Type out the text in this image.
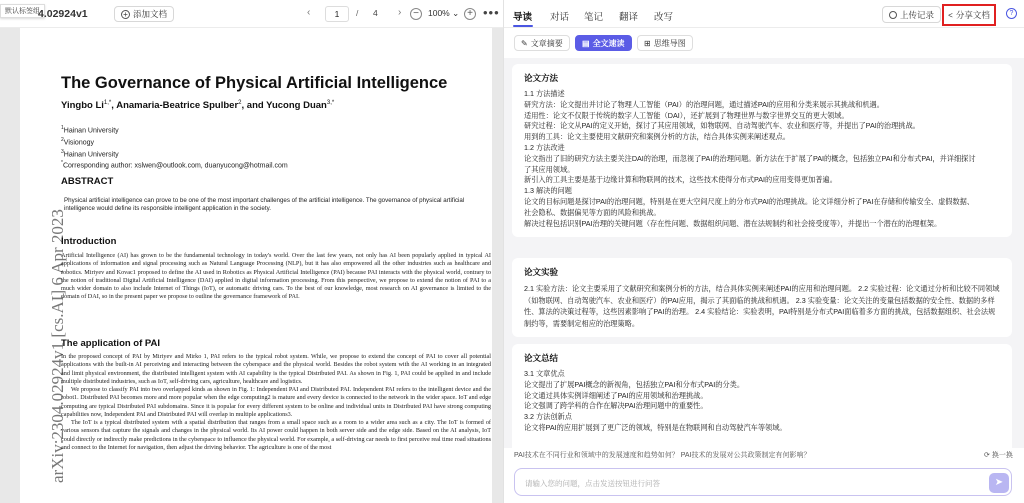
默认标签组
4.02924v1	+ 添加文档	‹	1	/ 4 ›	−	100% ⌄ + •••
arXiv:2304.02924v1 [cs.AI] 6 Apr 2023
The Governance of Physical Artificial Intelligence
Yingbo $Li^{1,*}$, Anamaria-Beatrice Spulber$^2$, and Yucong Duan$^{3,*}$
$^1$Hainan University
$^2$Visionogy
$^3$Hainan University
*Corresponding author: xslwen@outlook.com, duanyucong@hotmail.com
ABSTRACT
Physical artificial intelligence can prove to be one of the most important challenges of the artificial intelligence. The governance of physical artificial intelligence would define its responsible intelligent application in the society.
Introduction
Artificial Intelligence (AI) has grown to be the fundamental technology in today's world. Over the last few years, not only has AI been popularly applied in typical AI applications of information and signal processing such as Natural Language Processing (NLP), but it has also empowered all the other industries such as healthcare and robotics. Miriyev and Kovac1 proposed to define the AI used in Robotics as Physical Artificial Intelligence (PAI) because PAI interacts with the physical world, contrary to the notion of traditional Digital Artificial Intelligence (DAI) applied in digital information processing. From this perspective, we propose to extend the notion of PAI to a much wider domain to also include Internet of Things (IoT), or automatic driving cars. To the best of our knowledge, most research on AI governance is limited to the domain of DAI, so in the present paper we propose to outline the governance framework of PAI.
The application of PAI

In the proposed concept of PAI by Miriyev and Mirko 1, PAI refers to the typical robot system. While, we propose to extend the concept of PAI to cover all potential applications with the built-in AI perceiving and interacting between the cyberspace and the physical world. Besides the robot system with the AI working in an integrated and limit physical environment, the distributed intelligent system with AI capability is the typical Distributed PAI. As shown in Fig. 1, PAI could be applied in and include multiple distributed industries, such as IoT, self-driving cars, agriculture, healthcare and logistics.

We propose to classify PAI into two overlapped kinds as shown in Fig. 1: Independent PAI and Distributed PAI. Independent PAI refers to the intelligent device and the robot1. Distributed PAI becomes more and more popular when the edge computing2 is mature and every device is connected to the network in the wider space. IoT and edge computing are typical Distributed PAI subdomains. Since it is popular for every different system to be online and individual units in Distributed PAI have strong computing capabilities now, Independent PAI and Distributed PAI will overlap in multiple applications3.

The IoT is a typical distributed system with a spatial distribution that ranges from a small space such as a room to a wider area such as a city. The IoT is formed of various sensors that capture the signals and changes in the physical world. Its AI power could happen in both server side and the edge side. Based on the AI analysis, IoT could directly or indirectly make predictions in the cyberspace to influence the physical world. For example, a self-driving car needs to first perceive real time road situations and connect to the Internet for navigation, then adjust the driving behavior. The agriculture is one of the most

导读 对话 笔记 翻译 改写	上传记录 < 分享文档	?
✎ 文章摘要 ▤ 全文速读 ⊞ 思维导图
论文方法
1.1 方法描述
研究方法：论文提出并讨论了物理人工智能（PAI）的治理问题，通过描述PAI的应用和分类来展示其挑战和机遇。
适用性：论文不仅限于传统的数字人工智能（DAI），还扩展到了物理世界与数字世界交互的更大领域。
研究过程：论文从PAI的定义开始，探讨了其应用领域，如物联网、自动驾驶汽车、农业和医疗等，并提出了PAI的治理挑战。
用到的工具：论文主要使用文献研究和案例分析的方法，结合具体实例来阐述观点。
1.2 方法改进
论文指出了旧的研究方法主要关注DAI的治理，而忽视了PAI的治理问题。新方法在于扩展了PAI的概念，包括独立PAI和分布式PAI，并详细探讨
了其应用领域。
新引入的工具主要是基于边缘计算和物联网的技术，这些技术使得分布式PAI的应用变得更加普遍。
1.3 解决的问题
论文的目标问题是探讨PAI的治理问题，特别是在更大空间尺度上的分布式PAI的治理挑战。论文详细分析了PAI在存储和传输安全、虚假数据、
社会隐私、数据偏见等方面的风险和挑战。
解决过程包括识别PAI治理的关键问题（存在性问题、数据组织问题、潜在法规制约和社会接受度等），并提出一个潜在的治理框架。
论文实验
2.1 实验方法：论文主要采用了文献研究和案例分析的方法，结合具体实例来阐述PAI的应用和治理问题。 2.2 实验过程：论文通过分析和比较不同领域（如物联网、自动驾驶汽车、农业和医疗）的PAI应用，揭示了其面临的挑战和机遇。 2.3 实验变量：论文关注的变量包括数据的安全性、数据的多样性、算法的决策过程等，这些因素影响了PAI的治理。 2.4 实验结论：实验表明，PAI特别是分布式PAI面临着多方面的挑战，包括数据组织、社会法规制约等，需要制定相应的治理策略。
论文总结
3.1 文章优点
论文提出了扩展PAI概念的新视角，包括独立PAI和分布式PAI的分类。
论文通过具体实例详细阐述了PAI的应用领域和治理挑战。
论文强调了跨学科的合作在解决PAI治理问题中的重要性。
3.2 方法创新点
论文将PAI的应用扩展到了更广泛的领域，特别是在物联网和自动驾驶汽车等领域。
PAI技术在不同行业和领域中的发展速度和趋势如何？ PAI技术的发展对公共政策制定有何影响？	⟳ 换一换
请输入您的问题，点击发送按钮进行问答
➤
